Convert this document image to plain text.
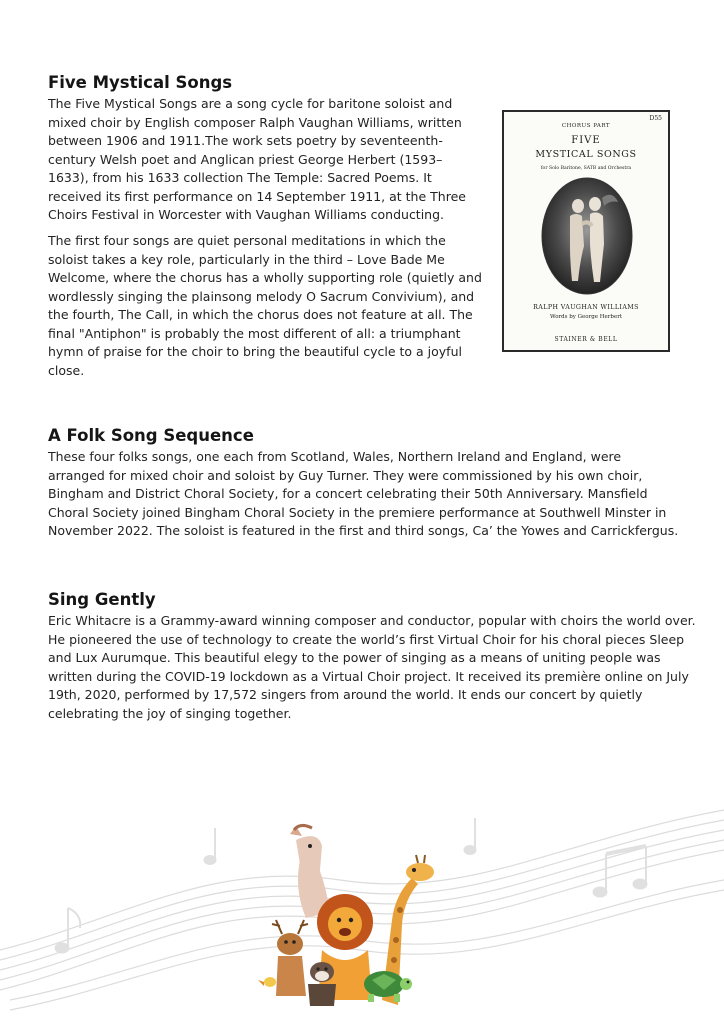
Five Mystical Songs

The Five Mystical Songs are a song cycle for baritone soloist and mixed choir by English composer Ralph Vaughan Williams, written between 1906 and 1911.The work sets poetry by seventeenth-century Welsh poet and Anglican priest George Herbert (1593–1633), from his 1633 collection The Temple: Sacred Poems. It received its first performance on 14 September 1911, at the Three Choirs Festival in Worcester with Vaughan Williams conducting.

The first four songs are quiet personal meditations in which the soloist takes a key role, particularly in the third – Love Bade Me Welcome, where the chorus has a wholly supporting role (quietly and wordlessly singing the plainsong melody O Sacrum Convivium), and the fourth, The Call, in which the chorus does not feature at all. The final "Antiphon" is probably the most different of all: a triumphant hymn of praise for the choir to bring the beautiful cycle to a joyful close.

D55
CHORUS PART
FIVE
MYSTICAL SONGS
for Solo Baritone, SATB and Orchestra
RALPH VAUGHAN WILLIAMS
Words by George Herbert
STAINER & BELL
A Folk Song Sequence

These four folks songs, one each from Scotland, Wales, Northern Ireland and England, were arranged for mixed choir and soloist by Guy Turner. They were commissioned by his own choir, Bingham and District Choral Society, for a concert celebrating their 50th Anniversary. Mansfield Choral Society joined Bingham Choral Society in the premiere performance at Southwell Minster in November 2022. The soloist is featured in the first and third songs, Ca’ the Yowes and Carrickfergus.

Sing Gently

Eric Whitacre is a Grammy-award winning composer and conductor, popular with choirs the world over. He pioneered the use of technology to create the world’s first Virtual Choir for his choral pieces Sleep and Lux Aurumque. This beautiful elegy to the power of singing as a means of uniting people was written during the COVID-19 lockdown as a Virtual Choir project. It received its première online on July 19th, 2020, performed by 17,572 singers from around the world. It ends our concert by quietly celebrating the joy of singing together.
